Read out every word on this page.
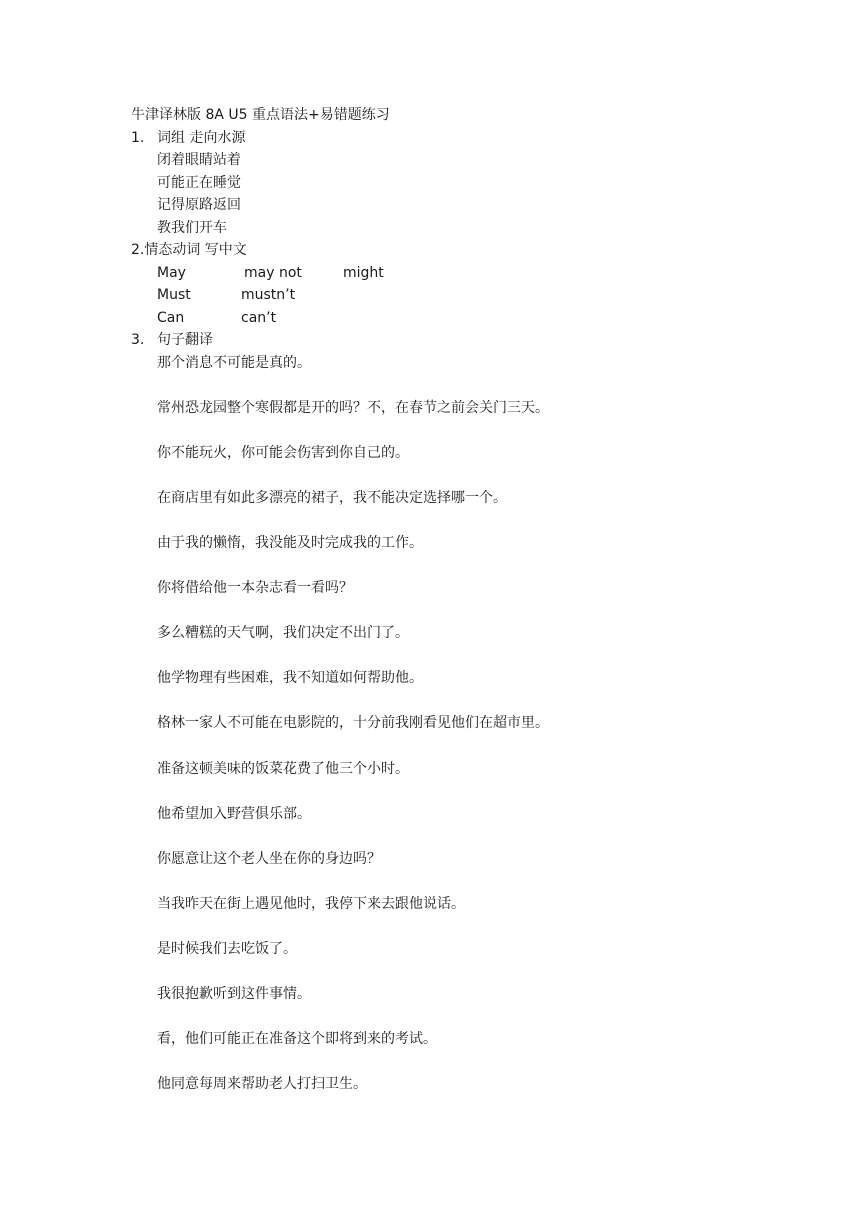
牛津译林版 8A U5 重点语法+易错题练习
1. 词组 走向水源
闭着眼睛站着
可能正在睡觉
记得原路返回
教我们开车
2.情态动词 写中文
May	may not	might
Must	mustn’t
Can	can’t
3. 句子翻译
那个消息不可能是真的。
常州恐龙园整个寒假都是开的吗？不，在春节之前会关门三天。
你不能玩火，你可能会伤害到你自己的。
在商店里有如此多漂亮的裙子，我不能决定选择哪一个。
由于我的懒惰，我没能及时完成我的工作。
你将借给他一本杂志看一看吗？
多么糟糕的天气啊，我们决定不出门了。
他学物理有些困难，我不知道如何帮助他。
格林一家人不可能在电影院的，十分前我刚看见他们在超市里。
准备这顿美味的饭菜花费了他三个小时。
他希望加入野营俱乐部。
你愿意让这个老人坐在你的身边吗？
当我昨天在街上遇见他时，我停下来去跟他说话。
是时候我们去吃饭了。
我很抱歉听到这件事情。
看，他们可能正在准备这个即将到来的考试。
他同意每周来帮助老人打扫卫生。
